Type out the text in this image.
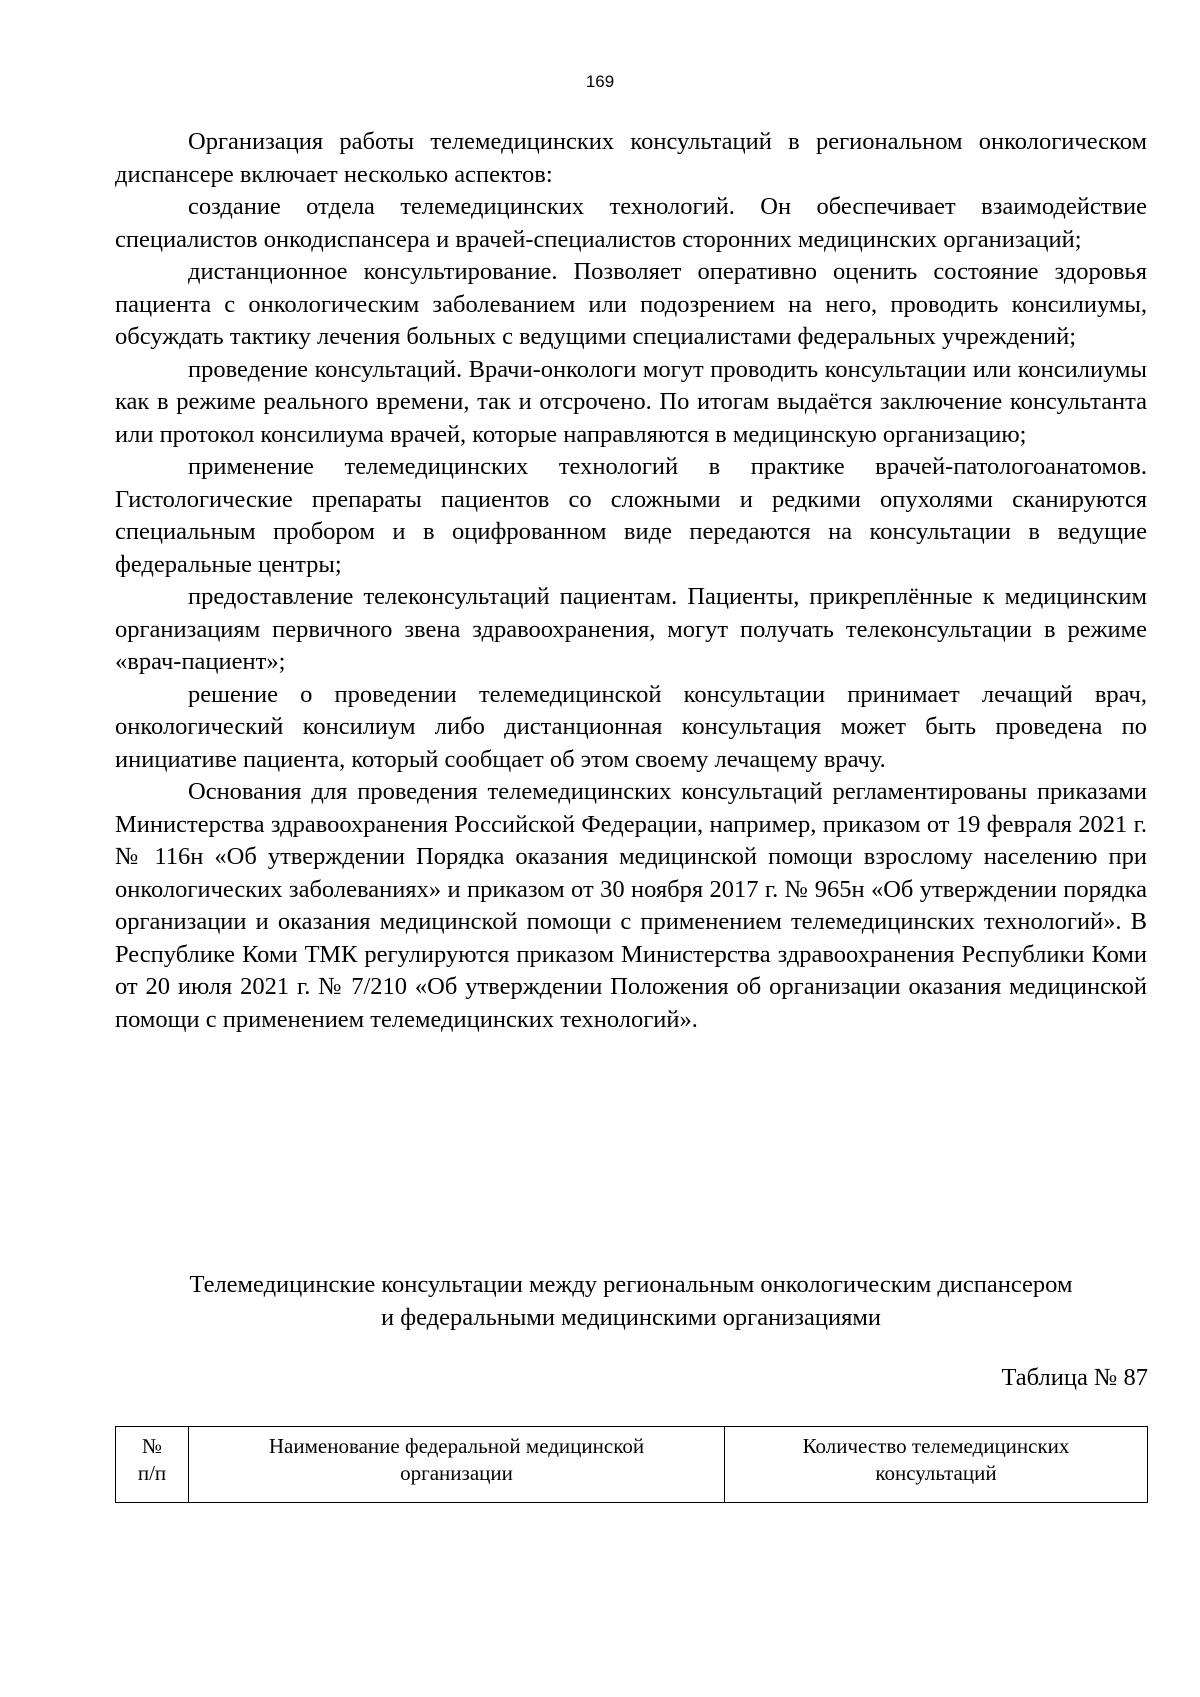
169

Организация работы телемедицинских консультаций в региональном онкологическом диспансере включает несколько аспектов:

создание отдела телемедицинских технологий. Он обеспечивает взаимодействие специалистов онкодиспансера и врачей-специалистов сторонних медицинских организаций;

дистанционное консультирование. Позволяет оперативно оценить состояние здоровья пациента с онкологическим заболеванием или подозрением на него, проводить консилиумы, обсуждать тактику лечения больных с ведущими специалистами федеральных учреждений;

проведение консультаций. Врачи-онкологи могут проводить консультации или консилиумы как в режиме реального времени, так и отсрочено. По итогам выдаётся заключение консультанта или протокол консилиума врачей, которые направляются в медицинскую организацию;

применение телемедицинских технологий в практике врачей-патологоанатомов. Гистологические препараты пациентов со сложными и редкими опухолями сканируются специальным пробором и в оцифрованном виде передаются на консультации в ведущие федеральные центры;

предоставление телеконсультаций пациентам. Пациенты, прикреплённые к медицинским организациям первичного звена здравоохранения, могут получать телеконсультации в режиме «врач-пациент»;

решение о проведении телемедицинской консультации принимает лечащий врач, онкологический консилиум либо дистанционная консультация может быть проведена по инициативе пациента, который сообщает об этом своему лечащему врачу.

Основания для проведения телемедицинских консультаций регламентированы приказами Министерства здравоохранения Российской Федерации, например, приказом от 19 февраля 2021 г. № 116н «Об утверждении Порядка оказания медицинской помощи взрослому населению при онкологических заболеваниях» и приказом от 30 ноября 2017 г. № 965н «Об утверждении порядка организации и оказания медицинской помощи с применением телемедицинских технологий». В Республике Коми ТМК регулируются приказом Министерства здравоохранения Республики Коми от 20 июля 2021 г. № 7/210 «Об утверждении Положения об организации оказания медицинской помощи с применением телемедицинских технологий».

Телемедицинские консультации между региональным онкологическим диспансером
и федеральными медицинскими организациями
Таблица № 87
№
п/п

Наименование федеральной медицинской
организации

Количество телемедицинских
консультаций
